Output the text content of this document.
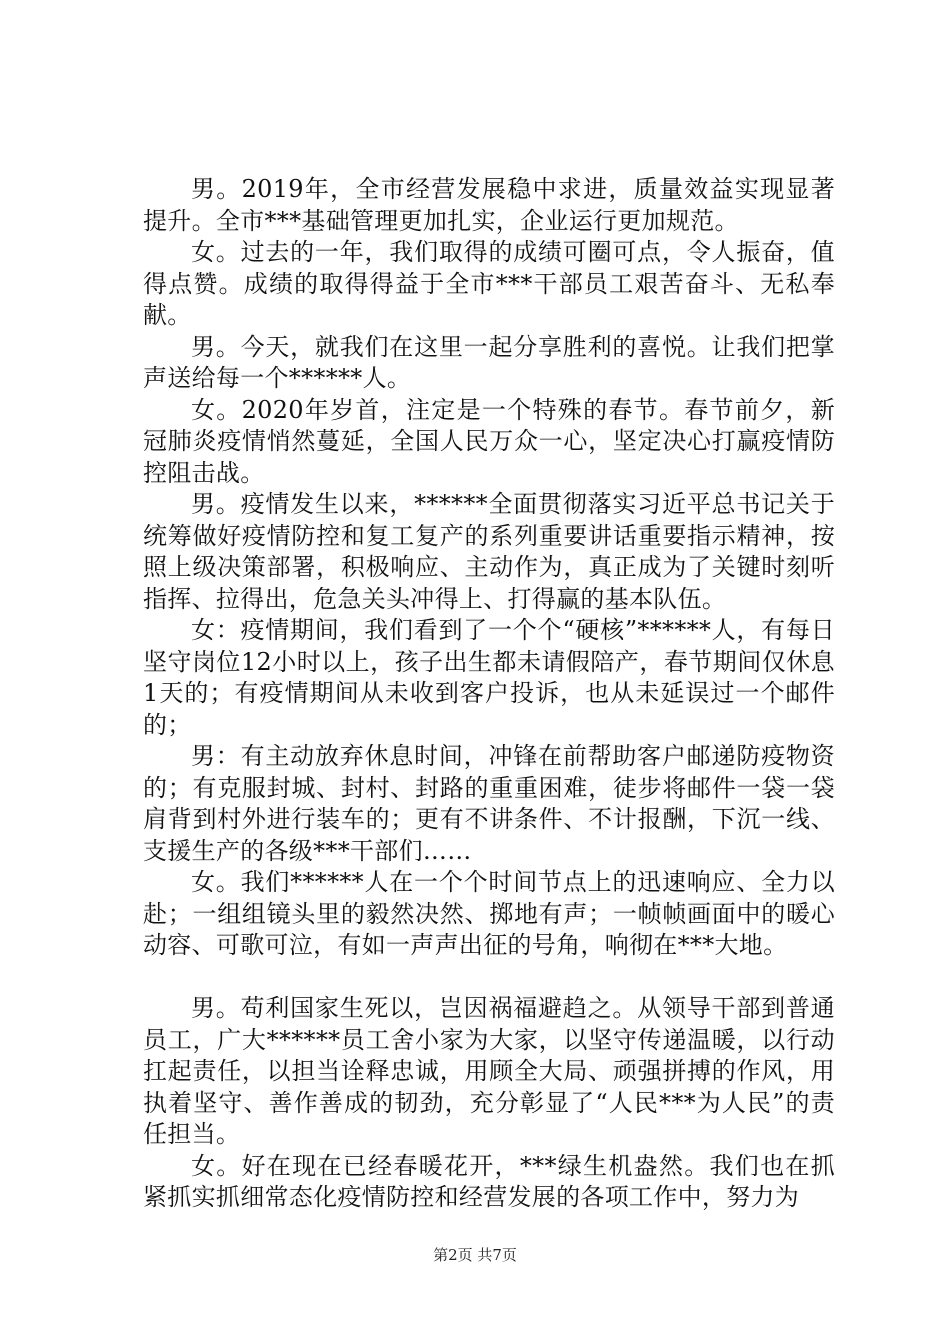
男。2019年，全市经营发展稳中求进，质量效益实现显著提升。全市***基础管理更加扎实，企业运行更加规范。

女。过去的一年，我们取得的成绩可圈可点，令人振奋，值得点赞。成绩的取得得益于全市***干部员工艰苦奋斗、无私奉献。

男。今天，就我们在这里一起分享胜利的喜悦。让我们把掌声送给每一个******人。

女。2020年岁首，注定是一个特殊的春节。春节前夕，新冠肺炎疫情悄然蔓延，全国人民万众一心，坚定决心打赢疫情防控阻击战。

男。疫情发生以来，******全面贯彻落实习近平总书记关于统筹做好疫情防控和复工复产的系列重要讲话重要指示精神，按照上级决策部署，积极响应、主动作为，真正成为了关键时刻听指挥、拉得出，危急关头冲得上、打得赢的基本队伍。

女：疫情期间，我们看到了一个个“硬核”******人，有每日坚守岗位12小时以上，孩子出生都未请假陪产，春节期间仅休息1天的；有疫情期间从未收到客户投诉，也从未延误过一个邮件的；

男：有主动放弃休息时间，冲锋在前帮助客户邮递防疫物资的；有克服封城、封村、封路的重重困难，徒步将邮件一袋一袋肩背到村外进行装车的；更有不讲条件、不计报酬，下沉一线、支援生产的各级***干部们……

女。我们******人在一个个时间节点上的迅速响应、全力以赴；一组组镜头里的毅然决然、掷地有声；一帧帧画面中的暖心动容、可歌可泣，有如一声声出征的号角，响彻在***大地。

男。苟利国家生死以，岂因祸福避趋之。从领导干部到普通员工，广大******员工舍小家为大家，以坚守传递温暖，以行动扛起责任，以担当诠释忠诚，用顾全大局、顽强拼搏的作风，用执着坚守、善作善成的韧劲，充分彰显了“人民***为人民”的责任担当。

女。好在现在已经春暖花开，***绿生机盎然。我们也在抓紧抓实抓细常态化疫情防控和经营发展的各项工作中，努力为

第2页 共7页
